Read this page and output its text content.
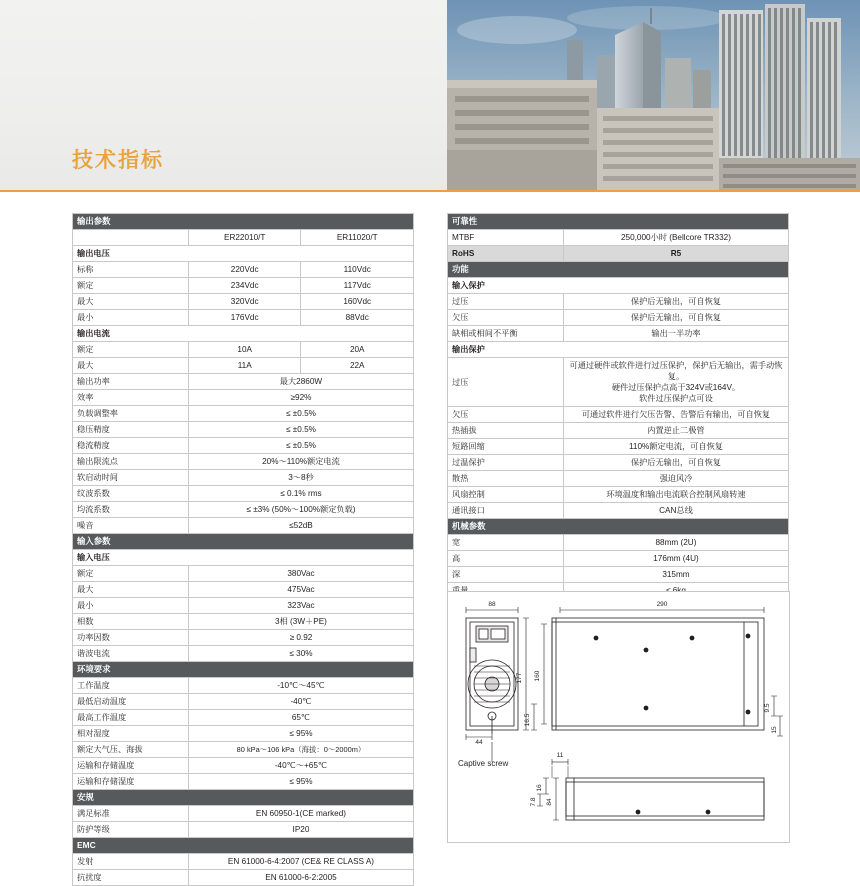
技术指标
输出参数		
	ER22010/T	ER11020/T
输出电压		
标称	220Vdc	110Vdc
额定	234Vdc	117Vdc
最大	320Vdc	160Vdc
最小	176Vdc	88Vdc
输出电流		
额定	10A	20A
最大	11A	22A
输出功率	最大2860W	
效率	≥92%	
负载调整率	≤ ±0.5%	
稳压精度	≤ ±0.5%	
稳流精度	≤ ±0.5%	
输出限流点	20%～110%额定电流	
软启动时间	3～8秒	
纹波系数	≤ 0.1% rms	
均流系数	≤ ±3% (50%～100%额定负载)	
噪音	≤52dB	
输入参数		
输入电压		
额定	380Vac	
最大	475Vac	
最小	323Vac	
相数	3相 (3W＋PE)	
功率因数	≥ 0.92	
谐波电流	≤ 30%	
环境要求		
工作温度	-10℃～45℃	
最低启动温度	-40℃	
最高工作温度	65℃	
相对湿度	≤ 95%	
额定大气压、海拔	80 kPa～106 kPa（海拔：0～2000m）	
运输和存储温度	-40℃～+65℃	
运输和存储湿度	≤ 95%	
安规		
满足标准	EN 60950-1(CE marked)	
防护等级	IP20	
EMC		
发射	EN 61000-6-4:2007 (CE& RE CLASS A)	
抗扰度	EN 61000-6-2:2005	
可靠性	
MTBF	250,000小时 (Bellcore TR332)
RoHS	R5
功能	
输入保护	
过压	保护后无输出，可自恢复
欠压	保护后无输出，可自恢复
缺相或相间不平衡	输出一半功率
输出保护	
过压	可通过硬件或软件进行过压保护，保护后无输出，需手动恢复。
硬件过压保护点高于324V或164V。
软件过压保护点可设
欠压	可通过软件进行欠压告警、告警后有输出，可自恢复
热插拔	内置逆止二极管
短路回缩	110%额定电流，可自恢复
过温保护	保护后无输出，可自恢复
散热	强迫风冷
风扇控制	环境温度和输出电流联合控制风扇转速
通讯接口	CAN总线
机械参数	
宽	88mm (2U)
高	176mm (4U)
深	315mm

88	290
177 160
16.5
44
9.5
15
11
84
16
7.8
Captive screw
